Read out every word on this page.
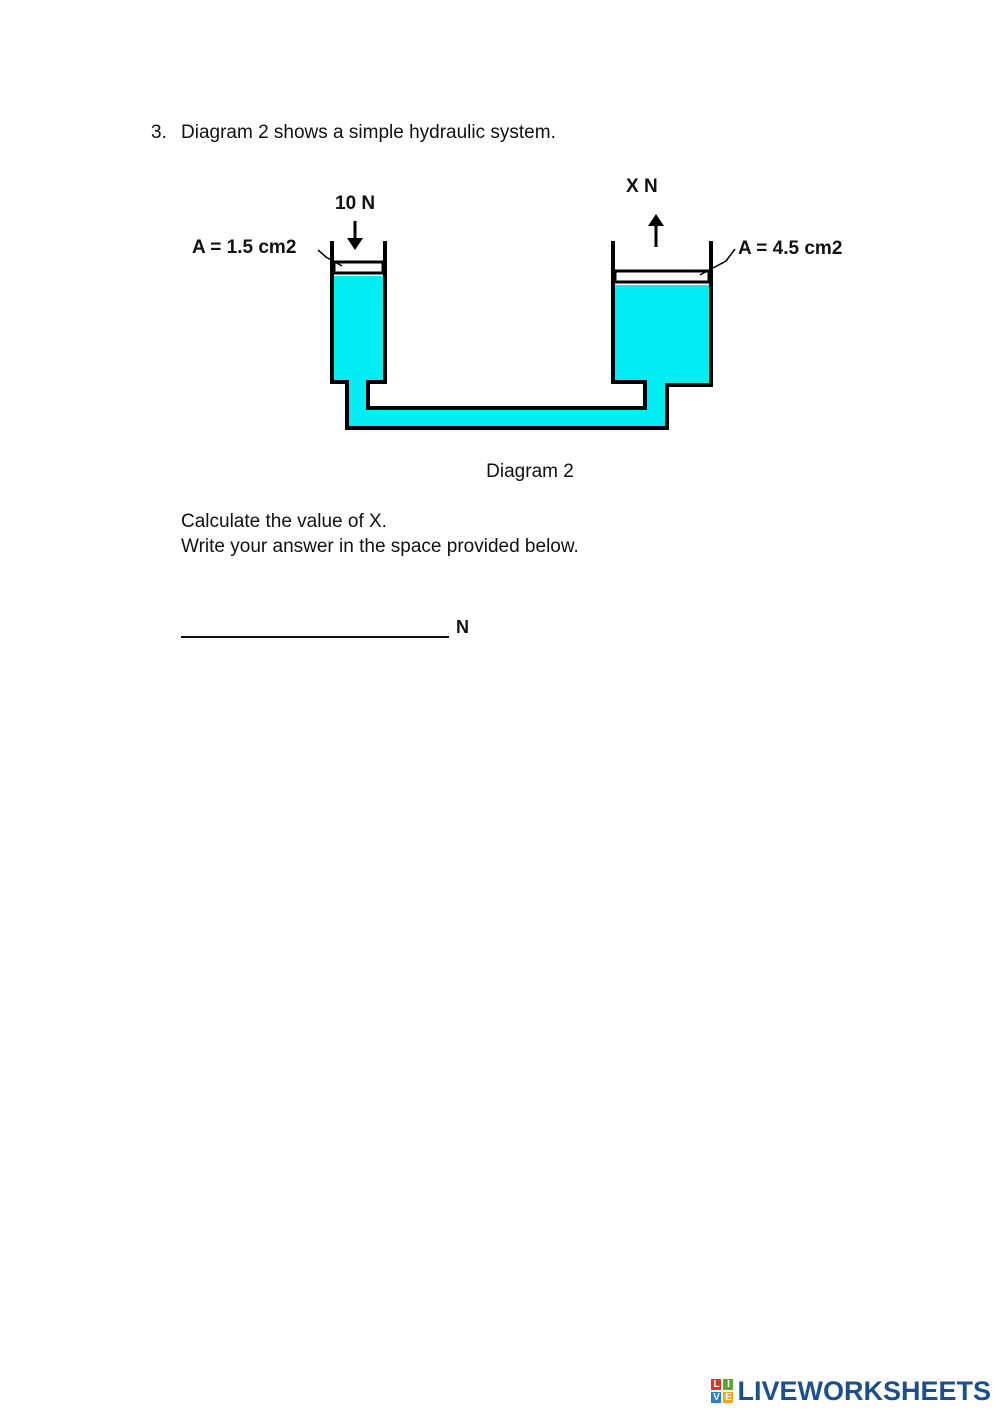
3. Diagram 2 shows a simple hydraulic system.
10 N
A = 1.5 cm2
X N
A = 4.5 cm2
Diagram 2
Calculate the value of X.
Write your answer in the space provided below.
N
L I
V E LIVEWORKSHEETS
